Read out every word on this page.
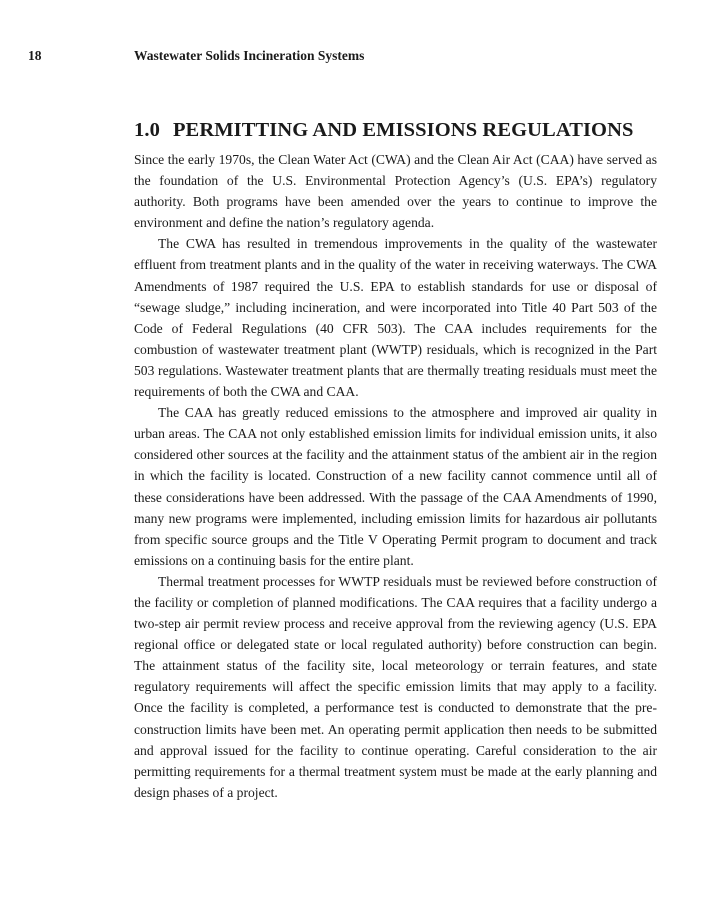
18	Wastewater Solids Incineration Systems
1.0 PERMITTING AND EMISSIONS REGULATIONS

Since the early 1970s, the Clean Water Act (CWA) and the Clean Air Act (CAA) have served as the foundation of the U.S. Environmental Protection Agency’s (U.S. EPA’s) regulatory authority. Both programs have been amended over the years to continue to improve the environment and define the nation’s regulatory agenda.

The CWA has resulted in tremendous improvements in the quality of the wastewater effluent from treatment plants and in the quality of the water in receiving waterways. The CWA Amendments of 1987 required the U.S. EPA to establish standards for use or disposal of “sewage sludge,” including incineration, and were incorporated into Title 40 Part 503 of the Code of Federal Regulations (40 CFR 503). The CAA includes requirements for the combustion of wastewater treatment plant (WWTP) residuals, which is recognized in the Part 503 regulations. Wastewater treatment plants that are thermally treating residuals must meet the requirements of both the CWA and CAA.

The CAA has greatly reduced emissions to the atmosphere and improved air quality in urban areas. The CAA not only established emission limits for individual emission units, it also considered other sources at the facility and the attainment status of the ambient air in the region in which the facility is located. Construction of a new facility cannot commence until all of these considerations have been addressed. With the passage of the CAA Amendments of 1990, many new programs were implemented, including emission limits for hazardous air pollutants from specific source groups and the Title V Operating Permit program to document and track emissions on a continuing basis for the entire plant.

Thermal treatment processes for WWTP residuals must be reviewed before construction of the facility or completion of planned modifications. The CAA requires that a facility undergo a two-step air permit review process and receive approval from the reviewing agency (U.S. EPA regional office or delegated state or local regulated authority) before construction can begin. The attainment status of the facility site, local meteorology or terrain features, and state regulatory requirements will affect the specific emission limits that may apply to a facility. Once the facility is completed, a performance test is conducted to demonstrate that the pre-construction limits have been met. An operating permit application then needs to be submitted and approval issued for the facility to continue operating. Careful consideration to the air permitting requirements for a thermal treatment system must be made at the early planning and design phases of a project.
